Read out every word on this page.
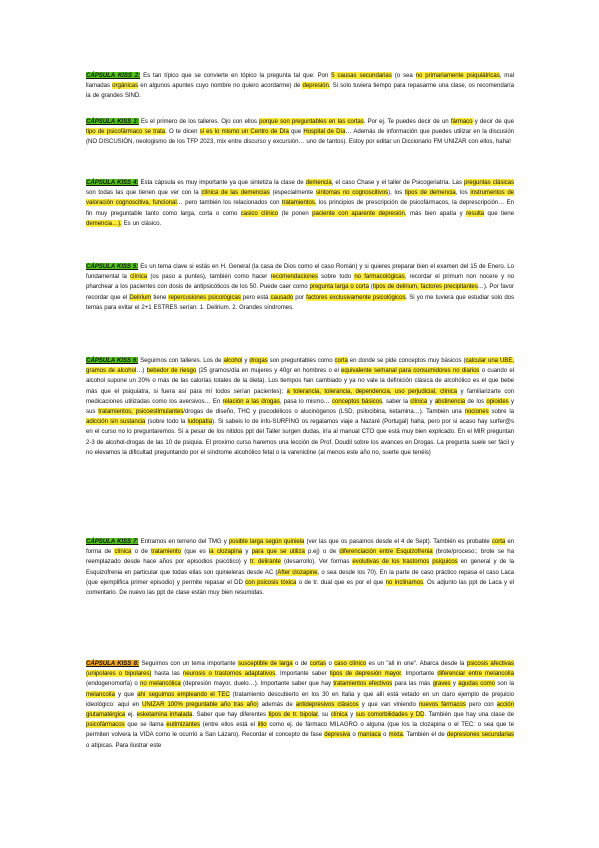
CÁPSULA KISS 2: Es tan típico que se convierte en tópico la pregunta tal que: Pon 5 causas secundarias (o sea no primariamente psiquiátricas, mal llamadas orgánicas en algunos apuntes cuyo nombre no quiero acordarme) de depresión. Si solo tuviera tiempo para repasarme una clase, os recomendaría la de grandes SIND.
CÁPSULA KISS 3: Es el primero de los talleres. Ojo con ellos porque son preguntables en las cortas. Por ej. Te puedes decir de un fármaco y decir de que tipo de psicofármaco se trata. O te dicen si es lo mismo un Centro de Día que Hospital de Día… Además de información que puedes utilizar en la discusión (NO DISCUSIÓN, neologismo de los TFP 2023, mix entre discurso y excursión… uno de tantos). Estoy por editar un Diccionario FM UNIZAR con ellos, haha!
CÁPSULA KISS 4: Esta cápsula es muy importante ya que sintetiza la clase de demencia, el caso Chase y el taller de Psicogeriatría. Las preguntas clásicas son todas las que tienen que ver con la clínica de las demencias (especialmente síntomas no cognoscitivos), los tipos de demencia, los instrumentos de valoración cognoscitiva, funcional… pero también los relacionados con tratamientos, los principios de prescripción de psicofármacos, la deprescripción… En fin muy preguntable tanto como larga, corta o como casico clínico (te ponen paciente con aparente depresión, más bien apatía y resulta que tiene demencia…). Es un clásico.
CÁPSULA KISS 5: Es un tema clave si estás en H. General (la casa de Dios como el caso Román) y si quieres preparar bien el examen del 15 de Enero. Lo fundamental la clínica (os paso a puntes), también como hacer recomendaciones sobre todo no farmacológicas, recordar el primum non nocere y no pharchear a los pacientes con dosis de antipsicóticos de los 50. Puede caer como pregunta larga o corta (tipos de delirium, factores precipitantes…). Por favor recordar que el Delirium tiene repercusiones psicológicas pero está causado por factores exclusivamente psicológicos. Si yo me tuviera que estudiar solo dos temas para evitar el 2+1 ESTRES serían: 1. Delirium. 2. Grandes síndromes.
CÁPSULA KISS 6: Seguimos con talleres. Los de alcohol y drogas son preguntables como corta en donde se pide conceptos muy básicos (calcular una UBE, gramos de alcohol…) bebedor de riesgo (25 gramos/día en mujeres y 40gr en hombres o el equivalente semanal para consumidores no diarios o cuando el alcohol supone un 20% o más de las calorías totales de la dieta). Los tiempos han cambiado y ya no vale la definición clásica de alcohólico es el que bebe más que el psiquiatra, si fuera así para mí todos serían pacientes); a tolerancia, tolerancia, dependencia, uso perjudicial, clínica y familiarizarte con medicaciones utilizadas como los aversivos… En relación a las drogas, pasa lo mismo… conceptos básicos, saber la clínica y abstinencia de los opioides y sus tratamientos, psicoestimulantes/drogas de diseño, THC y psicodélicos o alucinógenos (LSD, psilocibina, ketamina…). También una nociones sobre la adicción sin sustancia (sobre todo la ludopatía). Si sabeis lo de info-SURFING os regalamos viaje a Nazaré (Portugal) haha, pero por si acaso hay surfer@s en el curso no lo preguntaremos. Si a pesar de los nitidos ppt del Taller surgen dudas, iría al manual CTO que está muy bien explicado. En el MIR preguntan 2-3 de alcohol-drogas de las 10 de psiquia. El proximo curso haremos una lección de Prof. Doudil sobre los avances en Drogas. La pregunta suele ser fácil y no elevamos la dificultad preguntando por el síndrome alcohólico fetal o la varenicline (al menos este año no, suerte que tenéis)
CÁPSULA KISS 7: Entramos en terreno del TMG y posible larga según quiniela (ver las que os pasamos desde el 4 de Sept). También es probable corta en forma de clínica o de tratamiento (que es la clozapina y para que se utiliza p.ej) o de diferenciación entre Esquizofrenia (brote/proceso:; brote se ha reemplazado desde hace años por episodios psicótico) y tr. delirante (desarrollo). Ver formas evolutivas de los trastornos psíquicos en general y de la Esquizofrenia en particular que todas ellas son quinieleras desde AC (After clozapine, o sea desde los 70). En la parte de caso práctico repasa el caso Laca (que ejemplifica primer episodio) y permite repasar el DD con psicosis tóxica o de tr. dual que es por el que no inclinamos. Os adjunto las ppt de Laca y el comentario. De nuevo las ppt de clase están muy bien resumidas.
CÁPSULA KISS 8: Seguimos con un tema importante susceptible de larga o de cortas o caso clínico es un "all in one". Abarca desde la psicosis afectivas (unipolares o bipolares) hasta las neurosis o trastornos adaptativos. Importante saber tipos de depresión mayor. Importante diferenciar entre melancolía (endogenomorfa) o no melancólica (depresión mayor, duelo…). Importante saber que hay tratamientos efectivos para las más graves y agudas como son la melancolía y que ahí seguimos empleando el TEC (tratamiento descubierto en los 30 en Italia y que allí está vetado en un claro ejemplo de prejuicio ideológico: aquí en UNIZAR 100% preguntable año tras año) además de antidepresivos clásicos y que van viniendo nuevos fármacos pero con acción glutamatérgica ej. esketamina inhalada. Saber que hay diferentes tipos de tr. bipolar, su clínica y sus comorbilidades y DD. También que hay una clase de psicofármacos que se llama eutimizantes (entre ellos está el litio como ej. de fármaco MILAGRO o alguna (que los la clozapina o el TEC: o sea que te permiten volvera la VIDA como le ocurrió a San Lázaro). Recordar el concepto de fase depresiva o maníaca o mixta. También el de depresiones secundarias o atípicas. Para ilustrar este
